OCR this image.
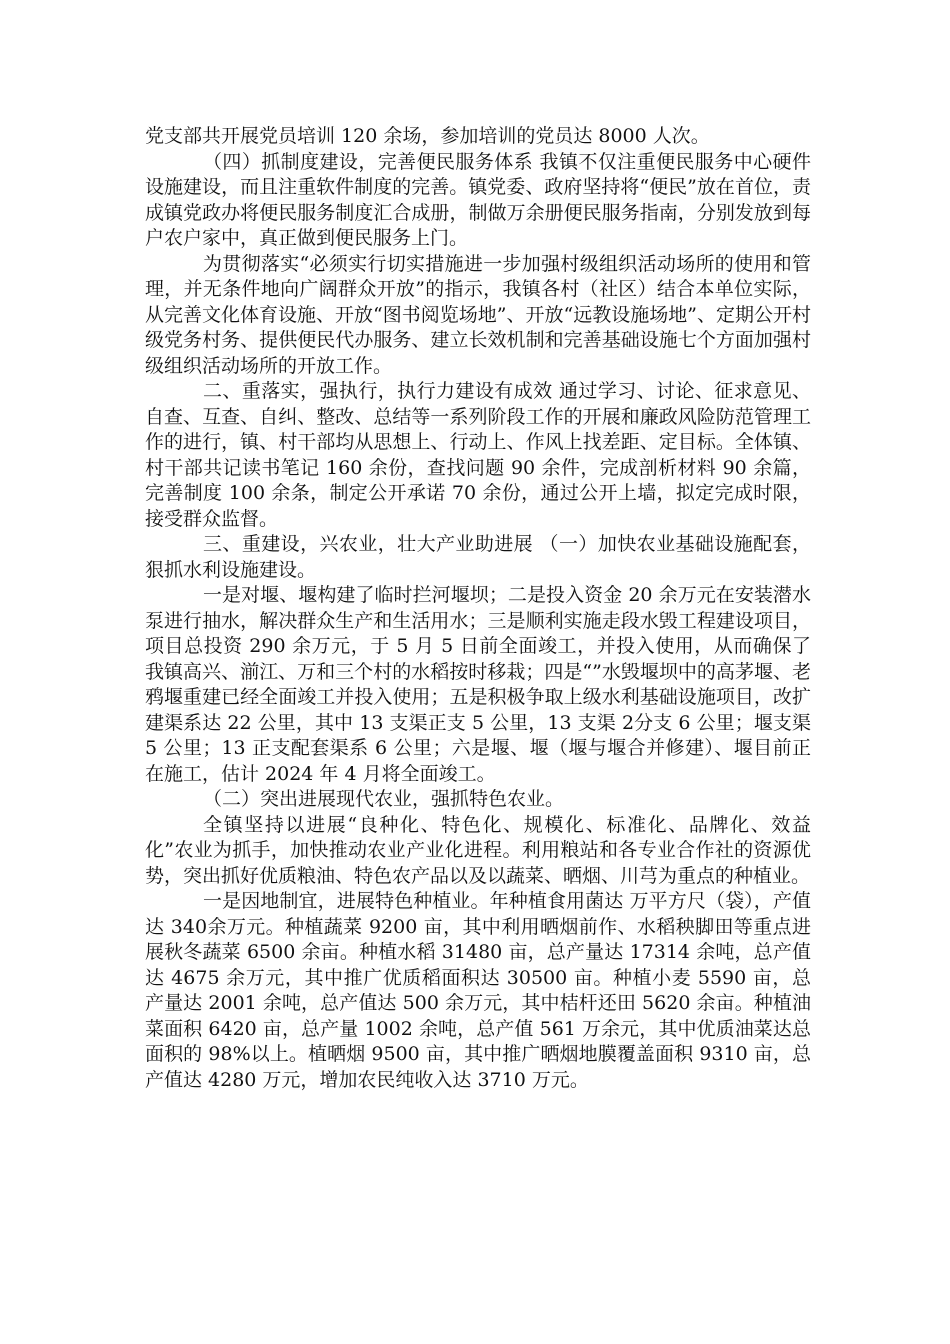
党支部共开展党员培训 120 余场，参加培训的党员达 8000 人次。

（四）抓制度建设，完善便民服务体系 我镇不仅注重便民服务中心硬件设施建设，而且注重软件制度的完善。镇党委、政府坚持将“便民”放在首位，责成镇党政办将便民服务制度汇合成册，制做万余册便民服务指南，分别发放到每户农户家中，真正做到便民服务上门。

为贯彻落实“必须实行切实措施进一步加强村级组织活动场所的使用和管理，并无条件地向广阔群众开放”的指示，我镇各村（社区）结合本单位实际，从完善文化体育设施、开放“图书阅览场地”、开放“远教设施场地”、定期公开村级党务村务、提供便民代办服务、建立长效机制和完善基础设施七个方面加强村级组织活动场所的开放工作。

二、重落实，强执行，执行力建设有成效 通过学习、讨论、征求意见、自查、互查、自纠、整改、总结等一系列阶段工作的开展和廉政风险防范管理工作的进行，镇、村干部均从思想上、行动上、作风上找差距、定目标。全体镇、村干部共记读书笔记 160 余份，查找问题 90 余件，完成剖析材料 90 余篇，完善制度 100 余条，制定公开承诺 70 余份，通过公开上墙，拟定完成时限，接受群众监督。

三、重建设，兴农业，壮大产业助进展 （一）加快农业基础设施配套，狠抓水利设施建设。

一是对堰、堰构建了临时拦河堰坝；二是投入资金 20 余万元在安装潜水泵进行抽水，解决群众生产和生活用水；三是顺利实施走段水毁工程建设项目，项目总投资 290 余万元，于 5 月 5 日前全面竣工，并投入使用，从而确保了我镇高兴、湔江、万和三个村的水稻按时移栽；四是“”水毁堰坝中的高茅堰、老鸦堰重建已经全面竣工并投入使用；五是积极争取上级水利基础设施项目，改扩建渠系达 22 公里，其中 13 支渠正支 5 公里，13 支渠 2分支 6 公里；堰支渠 5 公里；13 正支配套渠系 6 公里；六是堰、堰（堰与堰合并修建）、堰目前正在施工，估计 2024 年 4 月将全面竣工。

（二）突出进展现代农业，强抓特色农业。

全镇坚持以进展“良种化、特色化、规模化、标准化、品牌化、效益化”农业为抓手，加快推动农业产业化进程。利用粮站和各专业合作社的资源优势，突出抓好优质粮油、特色农产品以及以蔬菜、晒烟、川芎为重点的种植业。

一是因地制宜，进展特色种植业。年种植食用菌达 万平方尺（袋），产值达 340余万元。种植蔬菜 9200 亩，其中利用晒烟前作、水稻秧脚田等重点进展秋冬蔬菜 6500 余亩。种植水稻 31480 亩，总产量达 17314 余吨，总产值达 4675 余万元，其中推广优质稻面积达 30500 亩。种植小麦 5590 亩，总产量达 2001 余吨，总产值达 500 余万元，其中桔杆还田 5620 余亩。种植油菜面积 6420 亩，总产量 1002 余吨，总产值 561 万余元，其中优质油菜达总面积的 98%以上。植晒烟 9500 亩，其中推广晒烟地膜覆盖面积 9310 亩，总产值达 4280 万元，增加农民纯收入达 3710 万元。
